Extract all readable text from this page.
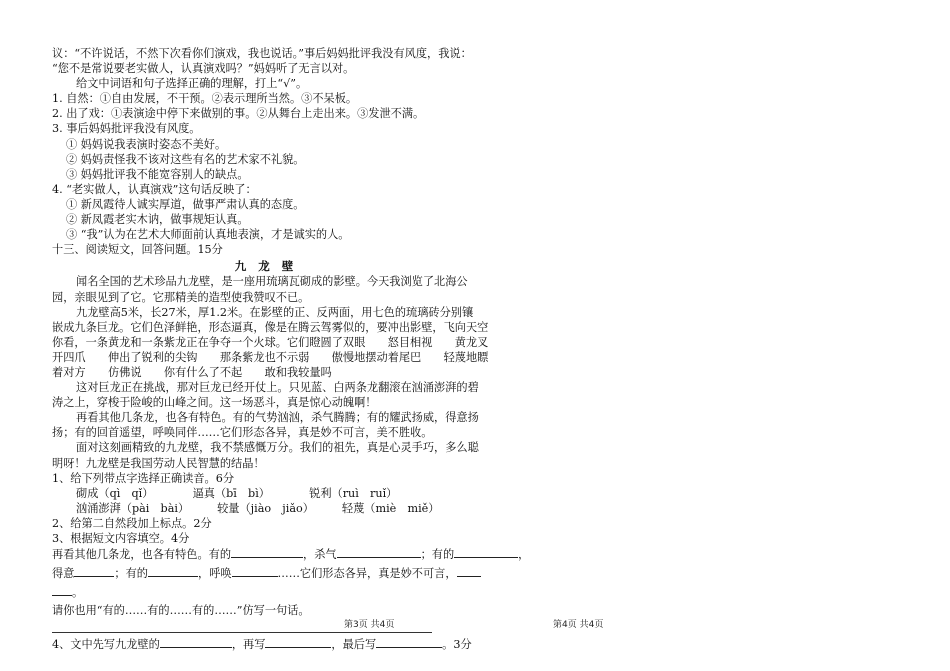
议：“不许说话，不然下次看你们演戏，我也说话。”事后妈妈批评我没有风度，我说：
“您不是常说要老实做人，认真演戏吗？”妈妈听了无言以对。
给文中词语和句子选择正确的理解，打上“√”。
1. 自然：①自由发展，不干预。②表示理所当然。③不呆板。
2. 出了戏：①表演途中停下来做别的事。②从舞台上走出来。③发泄不满。
3. 事后妈妈批评我没有风度。
① 妈妈说我表演时姿态不美好。
② 妈妈责怪我不该对这些有名的艺术家不礼貌。
③ 妈妈批评我不能宽容别人的缺点。
4. “老实做人，认真演戏”这句话反映了：
① 新凤霞待人诚实厚道，做事严肃认真的态度。
② 新凤霞老实木讷，做事规矩认真。
③ “我”认为在艺术大师面前认真地表演，才是诚实的人。
十三、阅读短文，回答问题。15分
九 龙 壁
闻名全国的艺术珍品九龙壁，是一座用琉璃瓦砌成的影壁。今天我浏览了北海公
园，亲眼见到了它。它那精美的造型使我赞叹不已。
九龙壁高5米，长27米，厚1.2米。在影壁的正、反两面，用七色的琉璃砖分别镶
嵌成九条巨龙。它们色泽鲜艳，形态逼真，像是在腾云驾雾似的，要冲出影壁，飞向天空
你看，一条黄龙和一条紫龙正在争夺一个火球。它们瞪圆了双眼　　怒目相视　　黄龙叉
开四爪　　伸出了锐利的尖钩　　那条紫龙也不示弱　　傲慢地摆动着尾巴　　轻蔑地瞟
着对方　　仿佛说　　你有什么了不起　　敢和我较量吗
这对巨龙正在挑战，那对巨龙已经开仗上。只见蓝、白两条龙翻滚在汹涌澎湃的碧
涛之上，穿梭于险峻的山峰之间。这一场恶斗，真是惊心动魄啊！
再看其他几条龙，也各有特色。有的气势汹汹，杀气腾腾；有的耀武扬威，得意扬
扬；有的回首遥望，呼唤同伴……它们形态各异，真是妙不可言，美不胜收。
面对这刻画精致的九龙壁，我不禁感慨万分。我们的祖先，真是心灵手巧，多么聪
明呀！九龙壁是我国劳动人民智慧的结晶！
1、给下列带点字选择正确读音。6分
砌成（qì　qǐ）　　　　逼真（bī　bì）　　　　锐利（ruì　ruǐ）
汹涌澎湃（pài　bài）　　　较量（jiào　jiǎo）　　　轻蔑（miè　miě）
2、给第二自然段加上标点。2分
3、根据短文内容填空。4分
再看其他几条龙，也各有特色。有的	，杀气	；有的	，
得意	；有的	，呼唤	……它们形态各异，真是妙不可言，
。
请你也用“有的……有的……有的……”仿写一句话。
4、文中先写九龙壁的	，再写	，最后写	。3分
第3页 共4页	第4页 共4页
